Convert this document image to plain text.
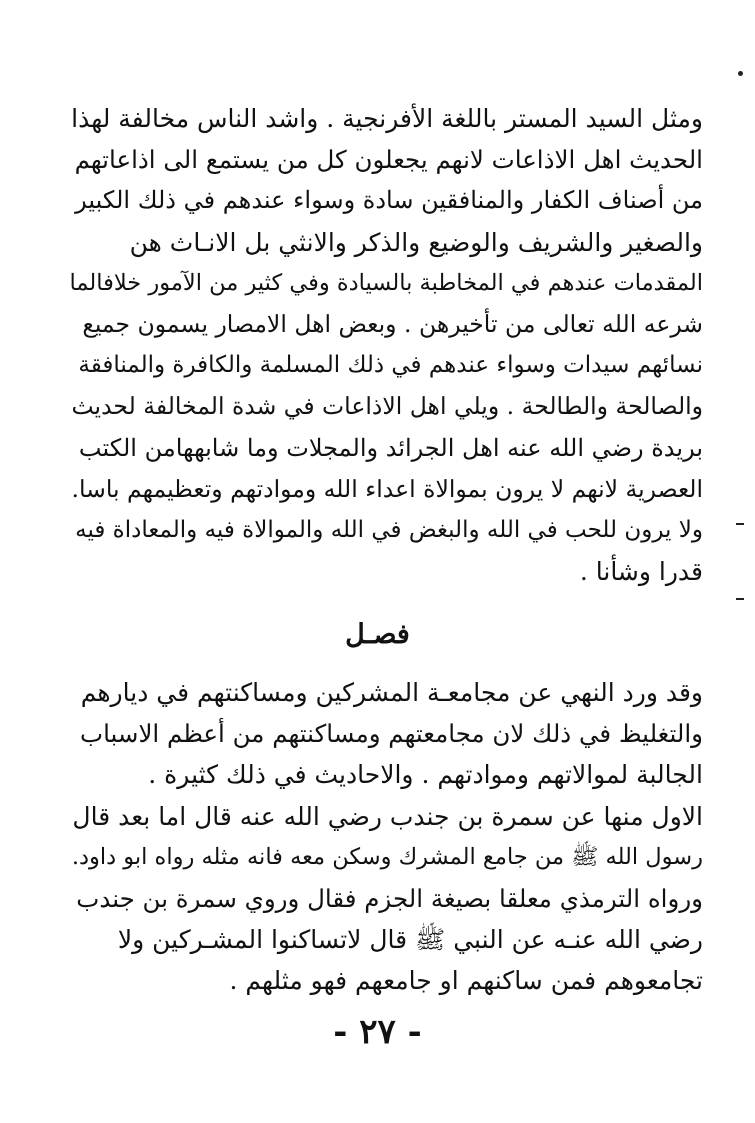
ومثل السيد المستر باللغة الأفرنجية . واشد الناس مخالفة لهذا
الحديث اهل الاذاعات لانهم يجعلون كل من يستمع الى اذاعاتهم
من أصناف الكفار والمنافقين سادة وسواء عندهم في ذلك الكبير
والصغير والشريف والوضيع والذكر والانثي بل الانـاث هن
المقدمات عندهم في المخاطبة بالسيادة وفي كثير من الآمور خلافالما
شرعه الله تعالى من تأخيرهن . وبعض اهل الامصار يسمون جميع
نسائهم سيدات وسواء عندهم في ذلك المسلمة والكافرة والمنافقة
والصالحة والطالحة . ويلي اهل الاذاعات في شدة المخالفة لحديث
بريدة رضي الله عنه اهل الجرائد والمجلات وما شابههامن الكتب
العصرية لانهم لا يرون بموالاة اعداء الله وموادتهم وتعظيمهم باسا.
ولا يرون للحب في الله والبغض في الله والموالاة فيه والمعاداة فيه
قدرا وشأنا .
فصـل
وقد ورد النهي عن مجامعـة المشركين ومساكنتهم في ديارهم
والتغليظ في ذلك لان مجامعتهم ومساكنتهم من أعظم الاسباب
الجالبة لموالاتهم وموادتهم . والاحاديث في ذلك كثيرة .
الاول منها عن سمرة بن جندب رضي الله عنه قال اما بعد قال
رسول الله ﷺ من جامع المشرك وسكن معه فانه مثله رواه ابو داود.
ورواه الترمذي معلقا بصيغة الجزم فقال وروي سمرة بن جندب
رضي الله عنـه عن النبي ﷺ قال لاتساكنوا المشـركين ولا
تجامعوهم فمن ساكنهم او جامعهم فهو مثلهم .
- ٢٧ -
